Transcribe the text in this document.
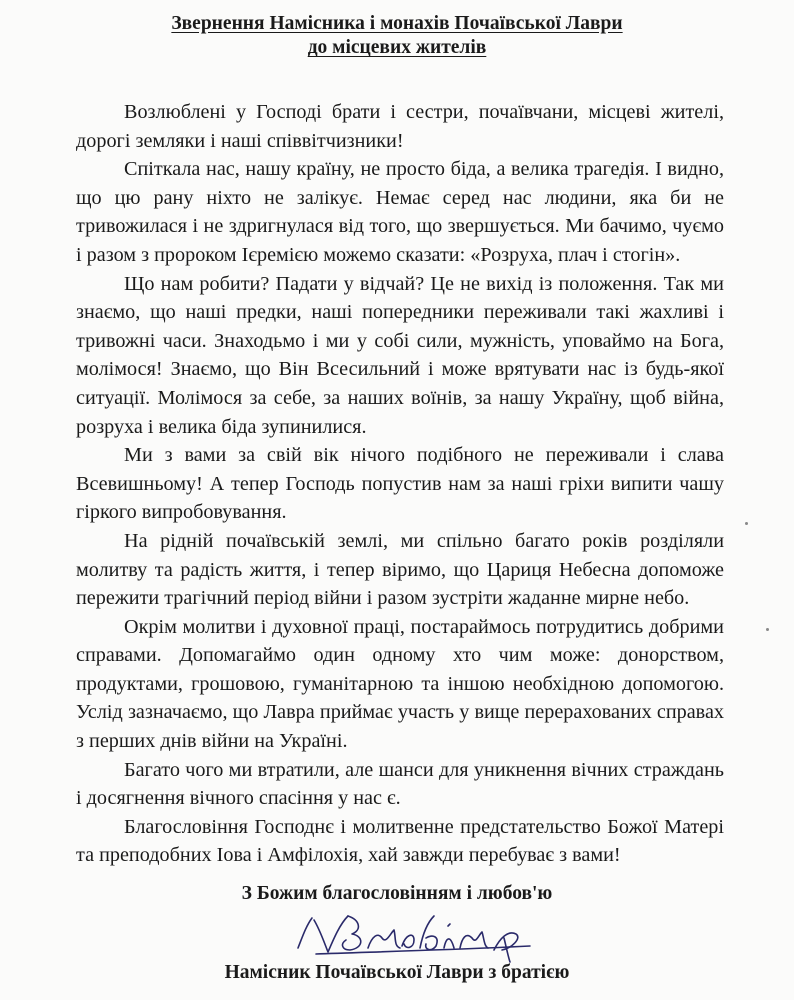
Звернення Намісника і монахів Почаївської Лаври
до місцевих жителів

Возлюблені у Господі брати і сестри, почаївчани, місцеві жителі, дорогі земляки і наші співвітчизники!

Спіткала нас, нашу країну, не просто біда, а велика трагедія. І видно, що цю рану ніхто не залікує. Немає серед нас людини, яка би не тривожилася і не здригнулася від того, що звершується. Ми бачимо, чуємо і разом з пророком Ієремією можемо сказати: «Розруха, плач і стогін».

Що нам робити? Падати у відчай? Це не вихід із положення. Так ми знаємо, що наші предки, наші попередники переживали такі жахливі і тривожні часи. Знаходьмо і ми у собі сили, мужність, уповаймо на Бога, молімося! Знаємо, що Він Всесильний і може врятувати нас із будь-якої ситуації. Молімося за себе, за наших воїнів, за нашу Україну, щоб війна, розруха і велика біда зупинилися.

Ми з вами за свій вік нічого подібного не переживали і слава Всевишньому! А тепер Господь попустив нам за наші гріхи випити чашу гіркого випробовування.

На рідній почаївській землі, ми спільно багато років розділяли молитву та радість життя, і тепер віримо, що Цариця Небесна допоможе пережити трагічний період війни і разом зустріти жаданне мирне небо.

Окрім молитви і духовної праці, постараймось потрудитись добрими справами. Допомагаймо один одному хто чим може: донорством, продуктами, грошовою, гуманітарною та іншою необхідною допомогою. Услід зазначаємо, що Лавра приймає участь у вище перерахованих справах з перших днів війни на Україні.

Багато чого ми втратили, але шанси для уникнення вічних страждань і досягнення вічного спасіння у нас є.

Благословіння Господнє і молитвенне предстательство Божої Матері та преподобних Іова і Амфілохія, хай завжди перебуває з вами!

З Божим благословінням і любов'ю
Намісник Почаївської Лаври з братією
